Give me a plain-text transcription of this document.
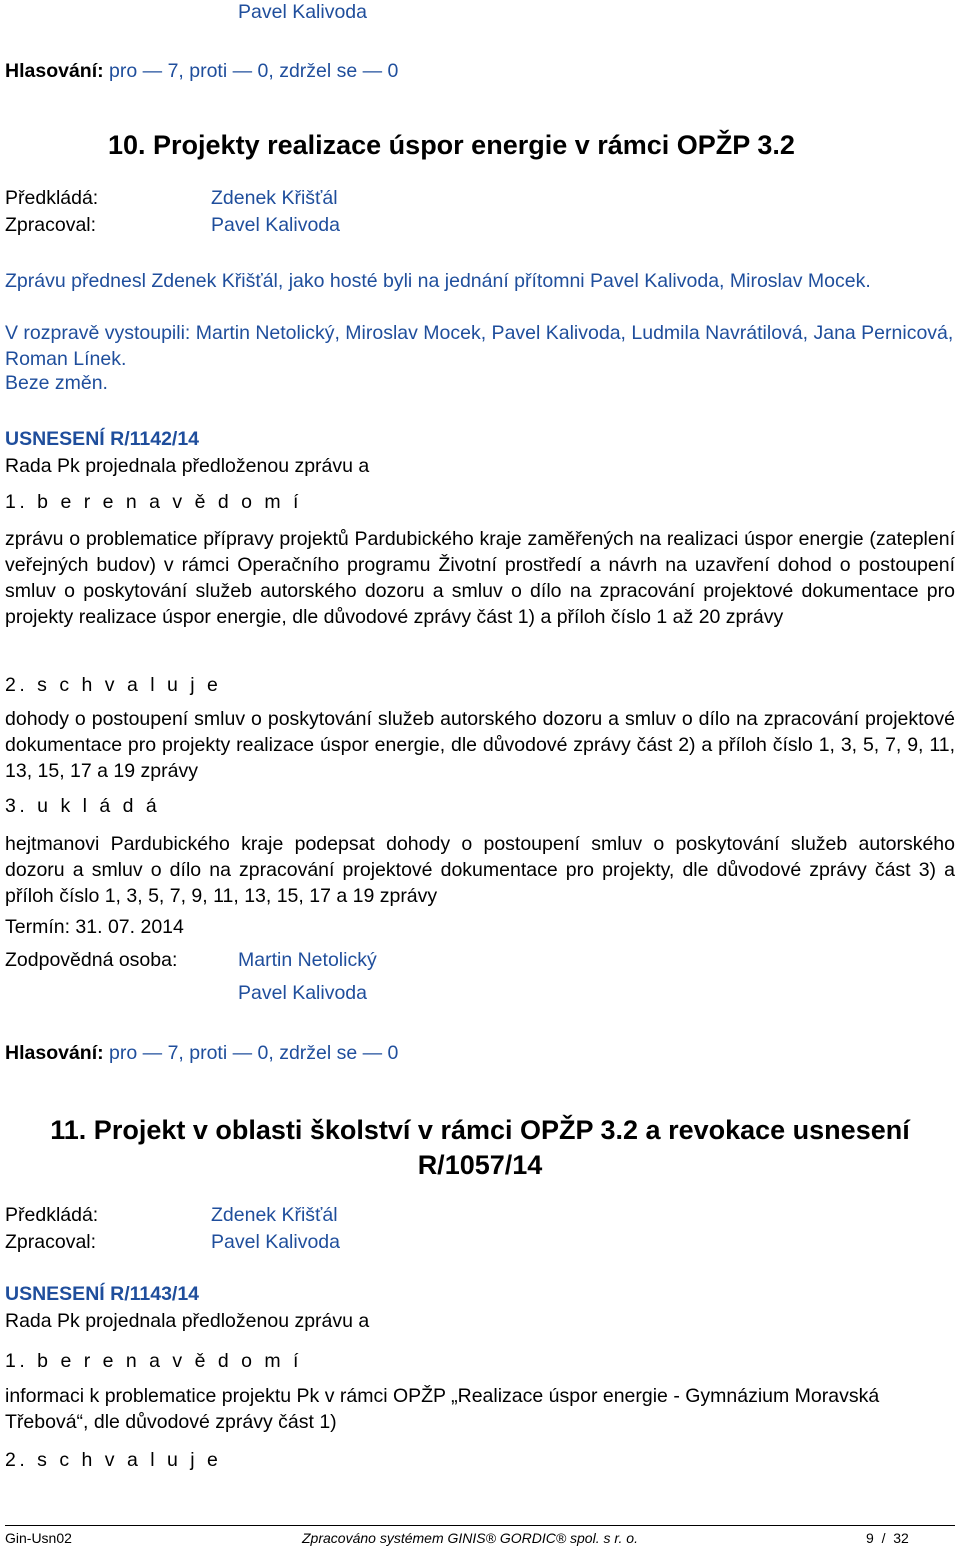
Pavel Kalivoda
Hlasování: pro — 7, proti — 0, zdržel se — 0
10. Projekty realizace úspor energie v rámci OPŽP 3.2
Předkládá:	Zdenek Křišťál
Zpracoval:	Pavel Kalivoda
Zprávu přednesl Zdenek Křišťál, jako hosté byli na jednání přítomni Pavel Kalivoda, Miroslav Mocek.
V rozpravě vystoupili: Martin Netolický, Miroslav Mocek, Pavel Kalivoda, Ludmila Navrátilová, Jana Pernicová, Roman Línek.
Beze změn.
USNESENÍ R/1142/14
Rada Pk projednala předloženou zprávu a
1. b e r e n a v ě d o m í
zprávu o problematice přípravy projektů Pardubického kraje zaměřených na realizaci úspor energie (zateplení veřejných budov) v rámci Operačního programu Životní prostředí a návrh na uzavření dohod o postoupení smluv o poskytování služeb autorského dozoru a smluv o dílo na zpracování projektové dokumentace pro projekty realizace úspor energie, dle důvodové zprávy část 1) a příloh číslo 1 až 20 zprávy
2. s c h v a l u j e
dohody o postoupení smluv o poskytování služeb autorského dozoru a smluv o dílo na zpracování projektové dokumentace pro projekty realizace úspor energie, dle důvodové zprávy část 2) a příloh číslo 1, 3, 5, 7, 9, 11, 13, 15, 17 a 19 zprávy
3. u k l á d á
hejtmanovi Pardubického kraje podepsat dohody o postoupení smluv o poskytování služeb autorského dozoru a smluv o dílo na zpracování projektové dokumentace pro projekty, dle důvodové zprávy část 3) a příloh číslo 1, 3, 5, 7, 9, 11, 13, 15, 17 a 19 zprávy
Termín: 31. 07. 2014
Zodpovědná osoba:	Martin Netolický
Pavel Kalivoda
Hlasování: pro — 7, proti — 0, zdržel se — 0
11. Projekt v oblasti školství v rámci OPŽP 3.2 a revokace usnesení
R/1057/14
Předkládá:	Zdenek Křišťál
Zpracoval:	Pavel Kalivoda
USNESENÍ R/1143/14
Rada Pk projednala předloženou zprávu a
1. b e r e n a v ě d o m í
informaci k problematice projektu Pk v rámci OPŽP „Realizace úspor energie - Gymnázium Moravská Třebová“, dle důvodové zprávy část 1)
2. s c h v a l u j e
Gin-Usn02	Zpracováno systémem GINIS® GORDIC® spol. s r. o.	9 / 32
